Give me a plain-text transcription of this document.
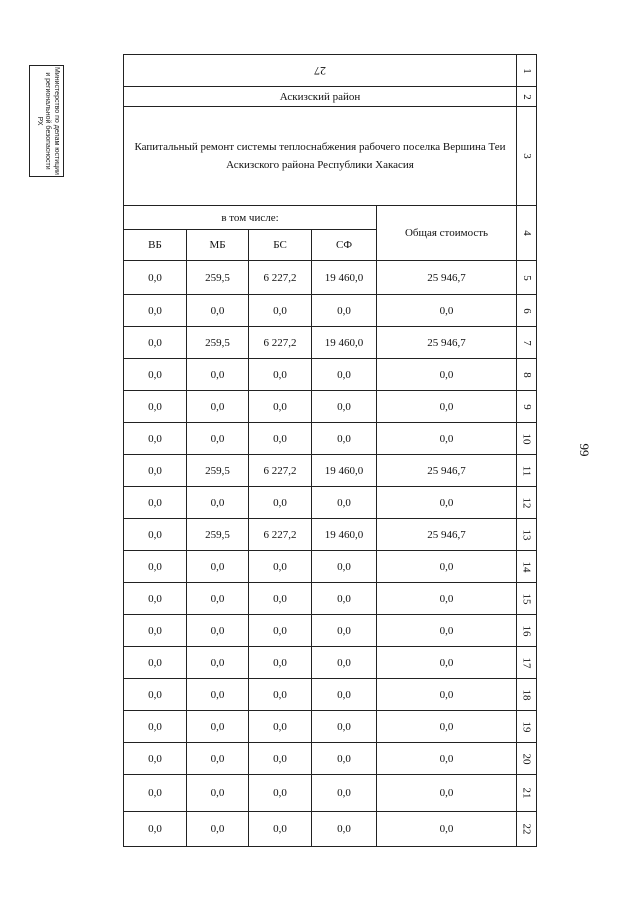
Министерство по делам юстиции и региональной безопасности РХ
99
27					1
Аскизский район					2
Капитальный ремонт системы теплоснабжения рабочего поселка Вершина Теи Аскизского района Республики Хакасия					3
в том числе:				Общая стоимость	4
ВБ	МБ	БС	СФ		
0,0	259,5	6 227,2	19 460,0	25 946,7	5
0,0	0,0	0,0	0,0	0,0	6
0,0	259,5	6 227,2	19 460,0	25 946,7	7
0,0	0,0	0,0	0,0	0,0	8
0,0	0,0	0,0	0,0	0,0	9
0,0	0,0	0,0	0,0	0,0	10
0,0	259,5	6 227,2	19 460,0	25 946,7	11
0,0	0,0	0,0	0,0	0,0	12
0,0	259,5	6 227,2	19 460,0	25 946,7	13
0,0	0,0	0,0	0,0	0,0	14
0,0	0,0	0,0	0,0	0,0	15
0,0	0,0	0,0	0,0	0,0	16
0,0	0,0	0,0	0,0	0,0	17
0,0	0,0	0,0	0,0	0,0	18
0,0	0,0	0,0	0,0	0,0	19
0,0	0,0	0,0	0,0	0,0	20
0,0	0,0	0,0	0,0	0,0	21
0,0	0,0	0,0	0,0	0,0	22
